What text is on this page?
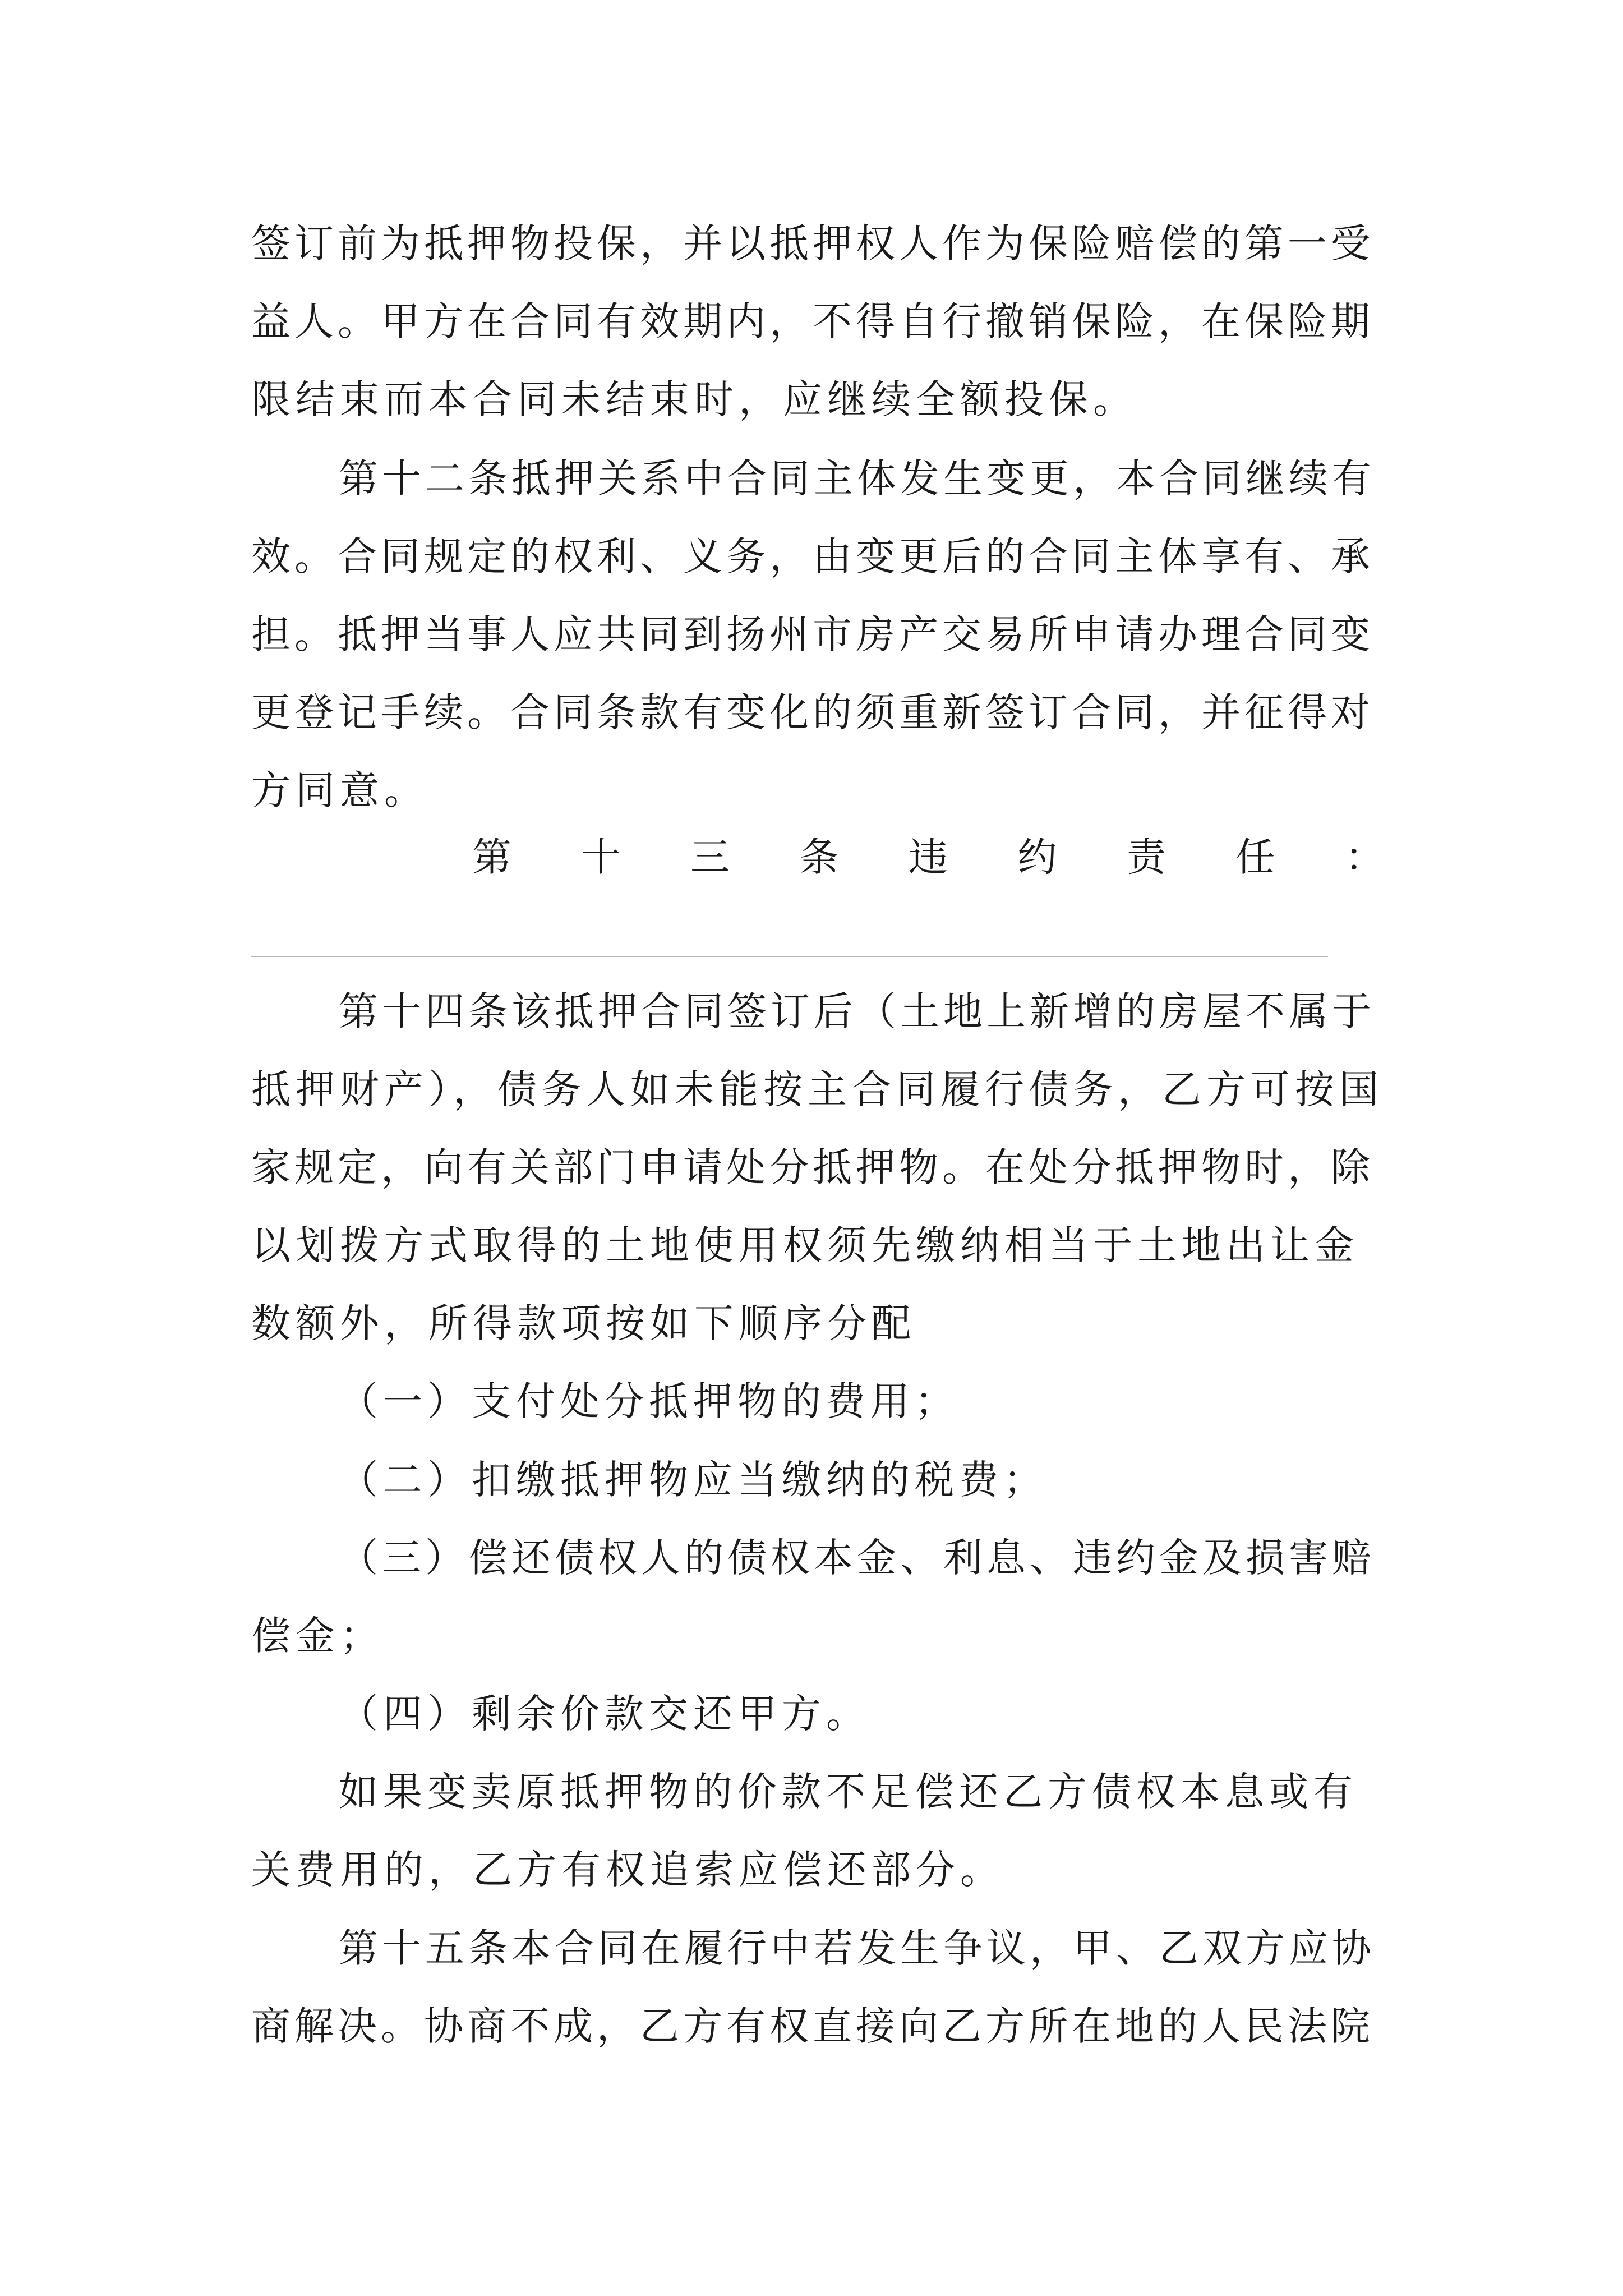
签订前为抵押物投保，并以抵押权人作为保险赔偿的第一受
益人。甲方在合同有效期内，不得自行撤销保险，在保险期
限结束而本合同未结束时，应继续全额投保。
第十二条抵押关系中合同主体发生变更，本合同继续有
效。合同规定的权利、义务，由变更后的合同主体享有、承
担。抵押当事人应共同到扬州市房产交易所申请办理合同变
更登记手续。合同条款有变化的须重新签订合同，并征得对
方同意。
第 十 三 条 违 约 责 任 ：
第十四条该抵押合同签订后（土地上新增的房屋不属于
抵押财产），债务人如未能按主合同履行债务，乙方可按国
家规定，向有关部门申请处分抵押物。在处分抵押物时，除
以划拨方式取得的土地使用权须先缴纳相当于土地出让金
数额外，所得款项按如下顺序分配
（一）支付处分抵押物的费用；
（二）扣缴抵押物应当缴纳的税费；
（三）偿还债权人的债权本金、利息、违约金及损害赔
偿金；
（四）剩余价款交还甲方。
如果变卖原抵押物的价款不足偿还乙方债权本息或有
关费用的，乙方有权追索应偿还部分。
第十五条本合同在履行中若发生争议，甲、乙双方应协
商解决。协商不成，乙方有权直接向乙方所在地的人民法院
